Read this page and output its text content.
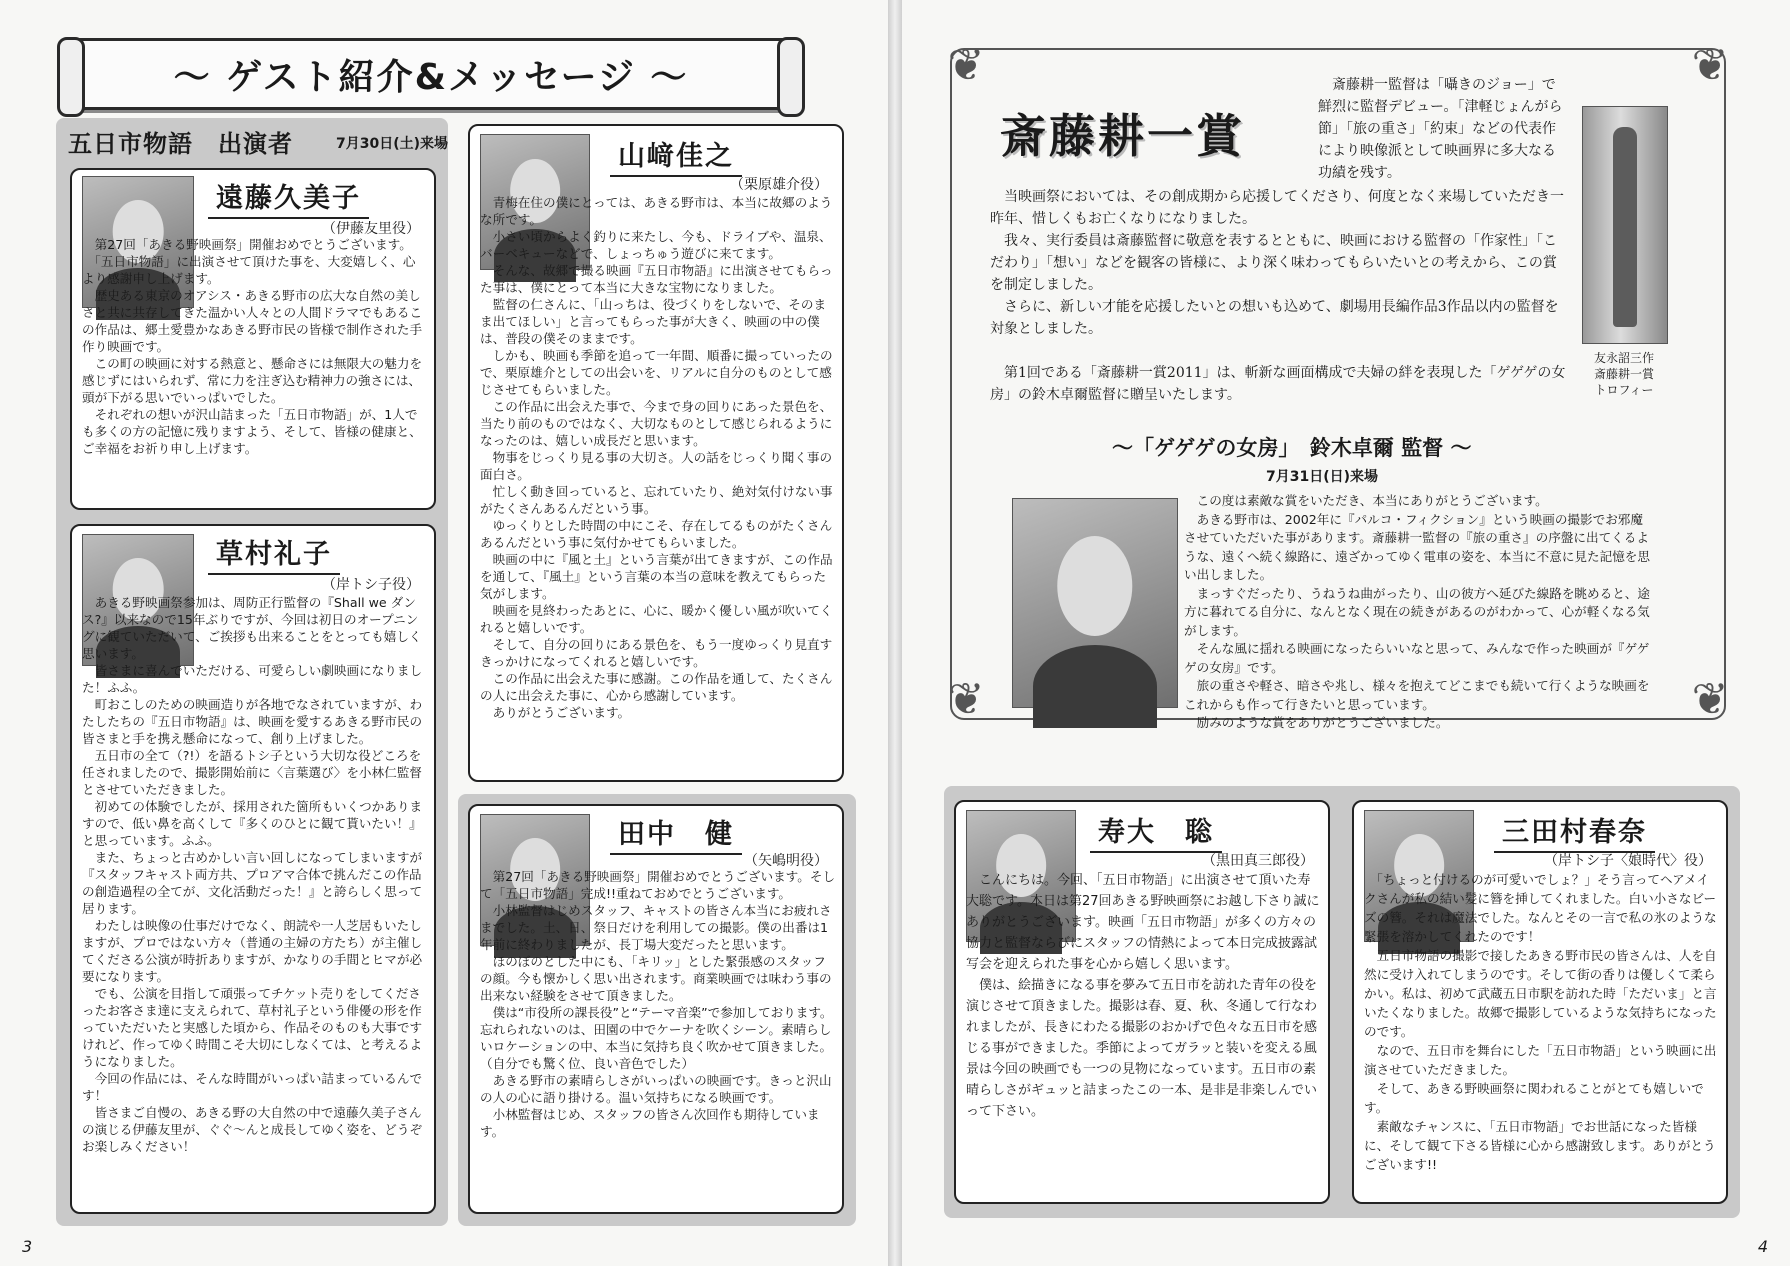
～ ゲスト紹介&メッセージ ～
五日市物語　出演者	7月30日(土)来場
遠藤久美子
（伊藤友里役）
　第27回「あきる野映画祭」開催おめでとうございます。
　「五日市物語」に出演させて頂けた事を、大変嬉しく、心より感謝申し上げます。
　歴史ある東京のオアシス・あきる野市の広大な自然の美しさと共に共存してきた温かい人々との人間ドラマでもあるこの作品は、郷土愛豊かなあきる野市民の皆様で制作された手作り映画です。
　この町の映画に対する熱意と、懸命さには無限大の魅力を感じずにはいられず、常に力を注ぎ込む精神力の強さには、頭が下がる思いでいっぱいでした。
　それぞれの想いが沢山詰まった「五日市物語」が、1人でも多くの方の記憶に残りますよう、そして、皆様の健康と、ご幸福をお祈り申し上げます。
草村礼子
（岸トシ子役）
　あきる野映画祭参加は、周防正行監督の『Shall we ダンス?』以来なので15年ぶりですが、今回は初日のオープニングに観ていただいて、ご挨拶も出来ることをとっても嬉しく思います。
　皆さまに喜んでいただける、可愛らしい劇映画になりました！ふふ。
　町おこしのための映画造りが各地でなされていますが、わたしたちの『五日市物語』は、映画を愛するあきる野市民の皆さまと手を携え懸命になって、創り上げました。
　五日市の全て（?!）を語るトシ子という大切な役どころを任されましたので、撮影開始前に〈言葉選び〉を小林仁監督とさせていただきました。
　初めての体験でしたが、採用された箇所もいくつかありますので、低い鼻を高くして『多くのひとに観て貰いたい！』と思っています。ふふ。
　また、ちょっと古めかしい言い回しになってしまいますが『スタッフキャスト両方共、プロアマ合体で挑んだこの作品の創造過程の全てが、文化活動だった！』と誇らしく思って居ります。
　わたしは映像の仕事だけでなく、朗読や一人芝居もいたしますが、プロではない方々（普通の主婦の方たち）が主催してくださる公演が時折ありますが、かなりの手間とヒマが必要になります。
　でも、公演を目指して頑張ってチケット売りをしてくださったお客さま達に支えられて、草村礼子という俳優の形を作っていただいたと実感した頃から、作品そのものも大事ですけれど、作ってゆく時間こそ大切にしなくては、と考えるようになりました。
　今回の作品には、そんな時間がいっぱい詰まっているんです！
　皆さまご自慢の、あきる野の大自然の中で遠藤久美子さんの演じる伊藤友里が、ぐぐ～んと成長してゆく姿を、どうぞお楽しみください！
山﨑佳之
（栗原雄介役）
　青梅在住の僕にとっては、あきる野市は、本当に故郷のような所です。
　小さい頃からよく釣りに来たし、今も、ドライブや、温泉、バーベキューなどで、しょっちゅう遊びに来てます。
　そんな、故郷で撮る映画『五日市物語』に出演させてもらった事は、僕にとって本当に大きな宝物になりました。
　監督の仁さんに、「山っちは、役づくりをしないで、そのまま出てほしい」と言ってもらった事が大きく、映画の中の僕は、普段の僕そのままです。
　しかも、映画も季節を追って一年間、順番に撮っていったので、栗原雄介としての出会いを、リアルに自分のものとして感じさせてもらいました。
　この作品に出会えた事で、今まで身の回りにあった景色を、当たり前のものではなく、大切なものとして感じられるようになったのは、嬉しい成長だと思います。
　物事をじっくり見る事の大切さ。人の話をじっくり聞く事の面白さ。
　忙しく動き回っていると、忘れていたり、絶対気付けない事がたくさんあるんだという事。
　ゆっくりとした時間の中にこそ、存在してるものがたくさんあるんだという事に気付かせてもらいました。
　映画の中に『風と土』という言葉が出てきますが、この作品を通して、『風土』という言葉の本当の意味を教えてもらった気がします。
　映画を見終わったあとに、心に、暖かく優しい風が吹いてくれると嬉しいです。
　そして、自分の回りにある景色を、もう一度ゆっくり見直すきっかけになってくれると嬉しいです。
　この作品に出会えた事に感謝。この作品を通して、たくさんの人に出会えた事に、心から感謝しています。
　ありがとうございます。
田中　健
（矢嶋明役）
　第27回「あきる野映画祭」開催おめでとうございます。そして「五日市物語」完成!!重ねておめでとうございます。
　小林監督はじめスタッフ、キャストの皆さん本当にお疲れさまでした。土、日、祭日だけを利用しての撮影。僕の出番は1年前に終わりましたが、長丁場大変だったと思います。
　ほのぼのとした中にも、「キリッ」とした緊張感のスタッフの顔。今も懐かしく思い出されます。商業映画では味わう事の出来ない経験をさせて頂きました。
　僕は“市役所の課長役”と“テーマ音楽”で参加しております。忘れられないのは、田園の中でケーナを吹くシーン。素晴らしいロケーションの中、本当に気持ち良く吹かせて頂きました。（自分でも驚く位、良い音色でした）
　あきる野市の素晴らしさがいっぱいの映画です。きっと沢山の人の心に語り掛ける。温い気持ちになる映画です。
　小林監督はじめ、スタッフの皆さん次回作も期待しています。
3
❦	❦
❦	❦
斎藤耕一賞
　斎藤耕一監督は「囁きのジョー」で鮮烈に監督デビュー。「津軽じょんがら節」「旅の重さ」「約束」などの代表作により映像派として映画界に多大なる功績を残す。
　当映画祭においては、その創成期から応援してくださり、何度となく来場していただき一昨年、惜しくもお亡くなりになりました。
　我々、実行委員は斎藤監督に敬意を表するとともに、映画における監督の「作家性」「こだわり」「想い」などを観客の皆様に、より深く味わってもらいたいとの考えから、この賞を制定しました。
　さらに、新しい才能を応援したいとの想いも込めて、劇場用長編作品3作品以内の監督を対象としました。

　第1回である「斎藤耕一賞2011」は、斬新な画面構成で夫婦の絆を表現した「ゲゲゲの女房」の鈴木卓爾監督に贈呈いたします。
友永詔三作
斎藤耕一賞
トロフィー
～「ゲゲゲの女房」　鈴木卓爾 監督 ～
7月31日(日)来場
　この度は素敵な賞をいただき、本当にありがとうございます。
　あきる野市は、2002年に『パルコ・フィクション』という映画の撮影でお邪魔させていただいた事があります。斎藤耕一監督の『旅の重さ』の序盤に出てくるような、遠くへ続く線路に、遠ざかってゆく電車の姿を、本当に不意に見た記憶を思い出しました。
　まっすぐだったり、うねうね曲がったり、山の彼方へ延びた線路を眺めると、途方に暮れてる自分に、なんとなく現在の続きがあるのがわかって、心が軽くなる気がします。
　そんな風に揺れる映画になったらいいなと思って、みんなで作った映画が『ゲゲゲの女房』です。
　旅の重さや軽さ、暗さや兆し、様々を抱えてどこまでも続いて行くような映画をこれからも作って行きたいと思っています。
　励みのような賞をありがとうございました。
寿大　聡
（黒田真三郎役）
　こんにちは。今回、「五日市物語」に出演させて頂いた寿大聡です。本日は第27回あきる野映画祭にお越し下さり誠にありがとうございます。映画「五日市物語」が多くの方々の協力と監督ならびにスタッフの情熱によって本日完成披露試写会を迎えられた事を心から嬉しく思います。
　僕は、絵描きになる事を夢みて五日市を訪れた青年の役を演じさせて頂きました。撮影は春、夏、秋、冬通して行なわれましたが、長きにわたる撮影のおかげで色々な五日市を感じる事ができました。季節によってガラッと装いを変える風景は今回の映画でも一つの見物になっています。五日市の素晴らしさがギュッと詰まったこの一本、是非是非楽しんでいって下さい。
三田村春奈
（岸トシ子〈娘時代〉役）
　「ちょっと付けるのが可愛いでしょ？」そう言ってヘアメイクさんが私の結い髪に簪を挿してくれました。白い小さなビーズの簪。それは魔法でした。なんとその一言で私の氷のような緊張を溶かしてくれたのです！
　五日市物語の撮影で接したあきる野市民の皆さんは、人を自然に受け入れてしまうのです。そして街の香りは優しくて柔らかい。私は、初めて武蔵五日市駅を訪れた時「ただいま」と言いたくなりました。故郷で撮影しているような気持ちになったのです。
　なので、五日市を舞台にした「五日市物語」という映画に出演させていただきました。
　そして、あきる野映画祭に関われることがとても嬉しいです。
　素敵なチャンスに、「五日市物語」でお世話になった皆様に、そして観て下さる皆様に心から感謝致します。ありがとうございます!!
4
